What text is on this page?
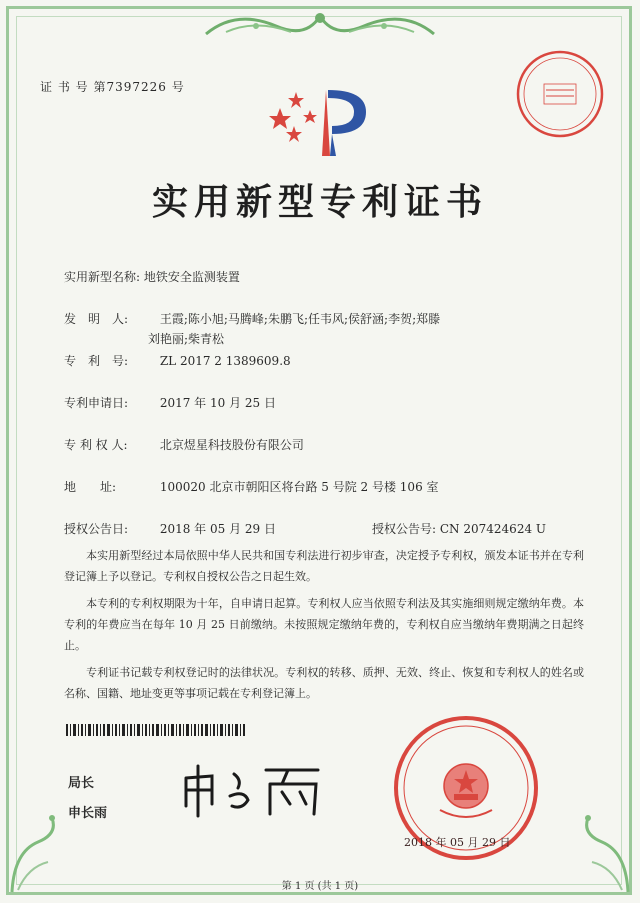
证 书 号 第7397226 号
实用新型专利证书
实用新型名称: 地铁安全监测装置
发　明　人:	王霞;陈小旭;马腾峰;朱鹏飞;任韦风;侯舒涵;李贺;郑滕
刘艳丽;柴青松
专　利　号:	ZL 2017 2 1389609.8
专利申请日:	2017 年 10 月 25 日
专 利 权 人:	北京煜星科技股份有限公司
地　　址:	100020 北京市朝阳区将台路 5 号院 2 号楼 106 室
授权公告日:	2018 年 05 月 29 日	授权公告号: CN 207424624 U

本实用新型经过本局依照中华人民共和国专利法进行初步审查，决定授予专利权，颁发本证书并在专利登记簿上予以登记。专利权自授权公告之日起生效。

本专利的专利权期限为十年，自申请日起算。专利权人应当依照专利法及其实施细则规定缴纳年费。本专利的年费应当在每年 10 月 25 日前缴纳。未按照规定缴纳年费的，专利权自应当缴纳年费期满之日起终止。

专利证书记载专利权登记时的法律状况。专利权的转移、质押、无效、终止、恢复和专利权人的姓名或名称、国籍、地址变更等事项记载在专利登记簿上。

局长
申长雨
2018 年 05 月 29 日
第 1 页 (共 1 页)
